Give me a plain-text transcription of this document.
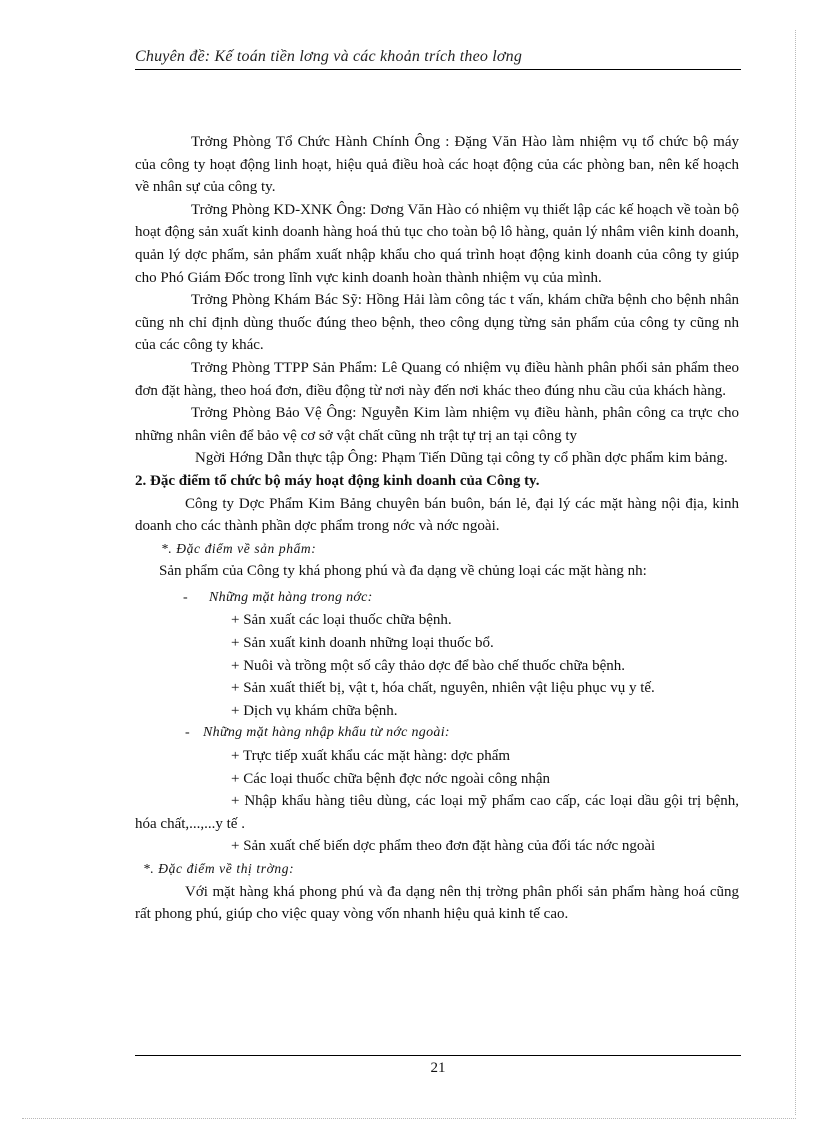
Chuyên đề: Kế toán tiền lơng và các khoản trích theo lơng

Trởng Phòng Tổ Chức Hành Chính Ông : Đặng Văn Hào làm nhiệm vụ tổ chức bộ máy của công ty hoạt động linh hoạt, hiệu quả điều hoà các hoạt động của các phòng ban, nên kế hoạch về nhân sự của công ty.

Trởng Phòng KD-XNK Ông: Dơng Văn Hào có nhiệm vụ thiết lập các kế hoạch về toàn bộ hoạt động sản xuất kinh doanh hàng hoá thủ tục cho toàn bộ lô hàng, quản lý nhâm viên kinh doanh, quản lý dợc phẩm, sản phẩm xuất nhập khẩu cho quá trình hoạt động kinh doanh của công ty giúp cho Phó Giám Đốc trong lĩnh vực kinh doanh hoàn thành nhiệm vụ của mình.

Trởng Phòng Khám Bác Sỹ: Hồng Hải làm công tác t vấn, khám chữa bệnh cho bệnh nhân cũng nh chỉ định dùng thuốc đúng theo bệnh, theo công dụng từng sản phẩm của công ty cũng nh của các công ty khác.

Trởng Phòng TTPP Sản Phẩm: Lê Quang có nhiệm vụ điều hành phân phối sản phẩm theo đơn đặt hàng, theo hoá đơn, điều động từ nơi này đến nơi khác theo đúng nhu cầu của khách hàng.

Trởng Phòng Bảo Vệ Ông: Nguyễn Kim làm nhiệm vụ điều hành, phân công ca trực cho những nhân viên để bảo vệ cơ sở vật chất cũng nh trật tự trị an tại công ty

Ngời Hớng Dẫn thực tập Ông: Phạm Tiến Dũng tại công ty cổ phần dợc phẩm kim bảng.

2. Đặc điểm tổ chức bộ máy hoạt động kinh doanh của Công ty.

Công ty Dợc Phẩm Kim Bảng chuyên bán buôn, bán lẻ, đại lý các mặt hàng nội địa, kinh doanh cho các thành phần dợc phẩm trong nớc và nớc ngoài.

*. Đặc điểm về sản phẩm:

Sản phẩm của Công ty khá phong phú và đa dạng về chủng loại các mặt hàng nh:

- Những mặt hàng trong nớc:

+ Sản xuất các loại thuốc chữa bệnh.

+ Sản xuất kinh doanh những loại thuốc bổ.

+ Nuôi và trồng một số cây thảo dợc để bào chế thuốc chữa bệnh.

+ Sản xuất thiết bị, vật t, hóa chất, nguyên, nhiên vật liệu phục vụ y tế.

+ Dịch vụ khám chữa bệnh.

- Những mặt hàng nhập khẩu từ nớc ngoài:

+ Trực tiếp xuất khẩu các mặt hàng: dợc phẩm

+ Các loại thuốc chữa bệnh đợc nớc ngoài công nhận

+ Nhập khẩu hàng tiêu dùng, các loại mỹ phẩm cao cấp, các loại dầu gội trị bệnh, hóa chất,...,...y tế .

+ Sản xuất chế biến dợc phẩm theo đơn đặt hàng của đối tác nớc ngoài

*. Đặc điểm về thị trờng:

Với mặt hàng khá phong phú và đa dạng nên thị trờng phân phối sản phẩm hàng hoá cũng rất phong phú, giúp cho việc quay vòng vốn nhanh hiệu quả kinh tế cao.

21
